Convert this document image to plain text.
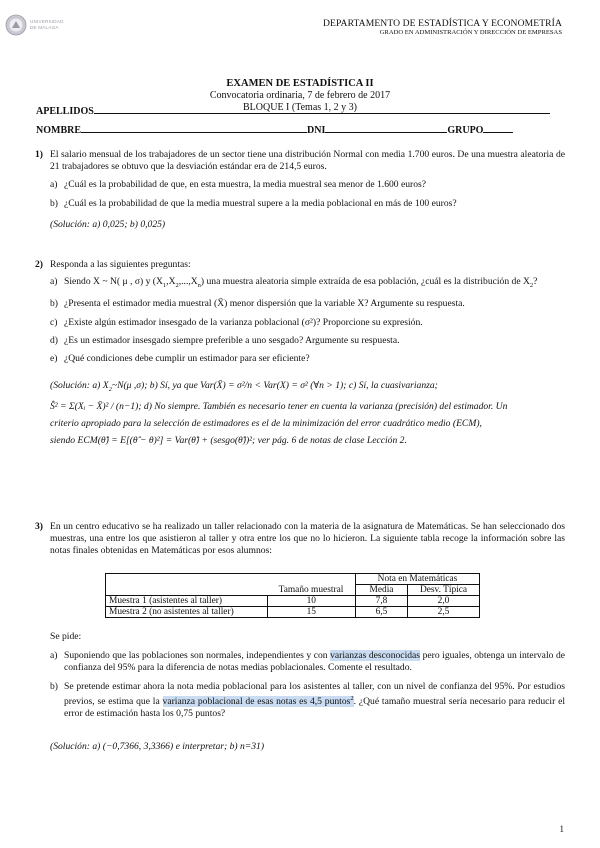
UNIVERSIDAD
DE MÁLAGA	DEPARTAMENTO DE ESTADÍSTICA Y ECONOMETRÍA
GRADO EN ADMINISTRACIÓN Y DIRECCIÓN DE EMPRESAS
EXAMEN DE ESTADÍSTICA II
Convocatoria ordinaria, 7 de febrero de 2017
BLOQUE I (Temas 1, 2 y 3)
APELLIDOS
NOMBRE	DNI	GRUPO
1) El salario mensual de los trabajadores de un sector tiene una distribución Normal con media 1.700 euros. De una muestra aleatoria de 21 trabajadores se obtuvo que la desviación estándar era de 214,5 euros.
a) ¿Cuál es la probabilidad de que, en esta muestra, la media muestral sea menor de 1.600 euros?
b) ¿Cuál es la probabilidad de que la media muestral supere a la media poblacional en más de 100 euros?
(Solución: a) 0,025; b) 0,025)
2) Responda a las siguientes preguntas:
a) Siendo X ~ N( μ , σ) y $(X_1,X_2,...,X_n)$ una muestra aleatoria simple extraída de esa población, ¿cuál es la distribución de $X_2$?
b) ¿Presenta el estimador media muestral (X̄) menor dispersión que la variable X? Argumente su respuesta.
c) ¿Existe algún estimador insesgado de la varianza poblacional (σ²)? Proporcione su expresión.
d) ¿Es un estimador insesgado siempre preferible a uno sesgado? Argumente su respuesta.
e) ¿Qué condiciones debe cumplir un estimador para ser eficiente?
(Solución: a) $X_2\sim N(\mu$ ,σ); b) Sí, ya que Var(X̄) = σ²/n < Var(X) = σ² (∀n > 1); c) Sí, la cuasivarianza;
Ŝ² = Σ(Xᵢ − X̄)² / (n−1); d) No siempre. También es necesario tener en cuenta la varianza (precisión) del estimador. Un
criterio apropiado para la selección de estimadores es el de la minimización del error cuadrático medio (ECM),
siendo ECM(θ̂) = E[(θ̂ − θ)²] = Var(θ̂) + (sesgo(θ̂))²; ver pág. 6 de notas de clase Lección 2.
3) En un centro educativo se ha realizado un taller relacionado con la materia de la asignatura de Matemáticas. Se han seleccionado dos muestras, una entre los que asistieron al taller y otra entre los que no lo hicieron. La siguiente tabla recoge la información sobre las notas finales obtenidas en Matemáticas por esos alumnos:
		Nota en Matemáticas	
	Tamaño muestral	Media	Desv. Típica
Muestra 1 (asistentes al taller)	10	7,8	2,0
Muestra 2 (no asistentes al taller)	15	6,5	2,5
Se pide:
a) Suponiendo que las poblaciones son normales, independientes y con varianzas desconocidas pero iguales, obtenga un intervalo de confianza del 95% para la diferencia de notas medias poblacionales. Comente el resultado.
b) Se pretende estimar ahora la nota media poblacional para los asistentes al taller, con un nivel de confianza del 95%. Por estudios previos, se estima que la varianza poblacional de esas notas es 4,5 puntos$^2$. ¿Qué tamaño muestral sería necesario para reducir el error de estimación hasta los 0,75 puntos?
(Solución: a) (−0,7366, 3,3366) e interpretar; b) n=31)
1
